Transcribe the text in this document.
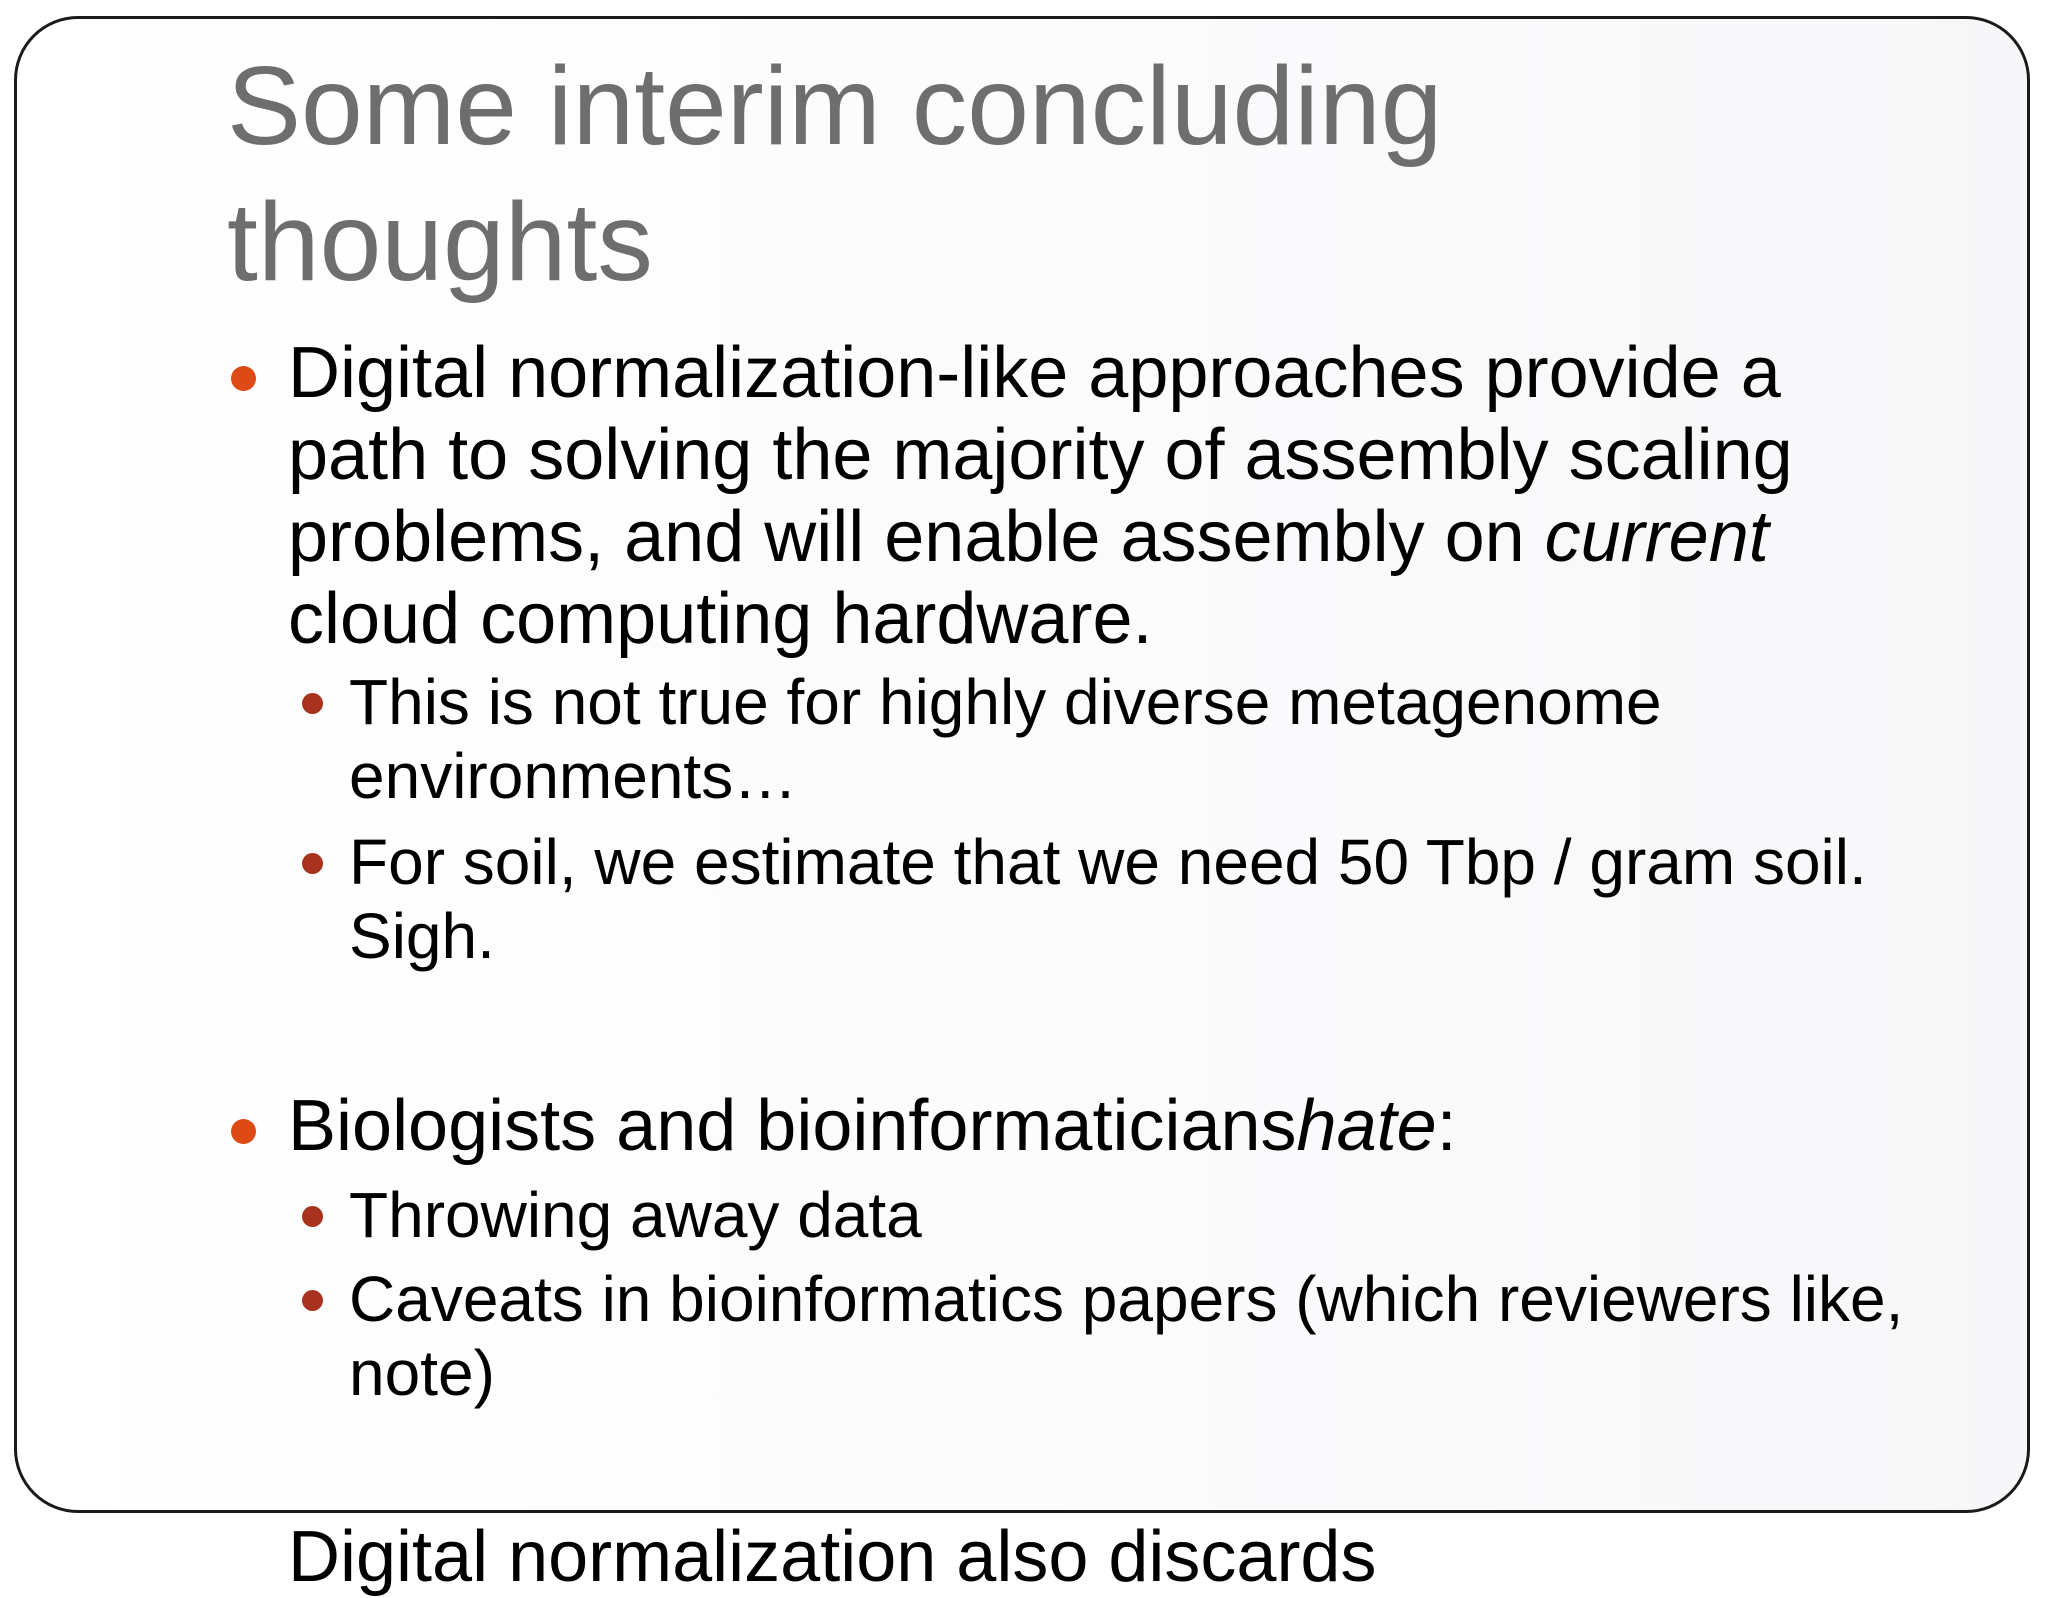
Some interim concluding thoughts
Digital normalization-like approaches provide a path to solving the majority of assembly scaling problems, and will enable assembly on current cloud computing hardware.
This is not true for highly diverse metagenome environments…
For soil, we estimate that we need 50 Tbp / gram soil. Sigh.
Biologists and bioinformaticianshate:
Throwing away data
Caveats in bioinformatics papers (which reviewers like, note)
Digital normalization also discards
